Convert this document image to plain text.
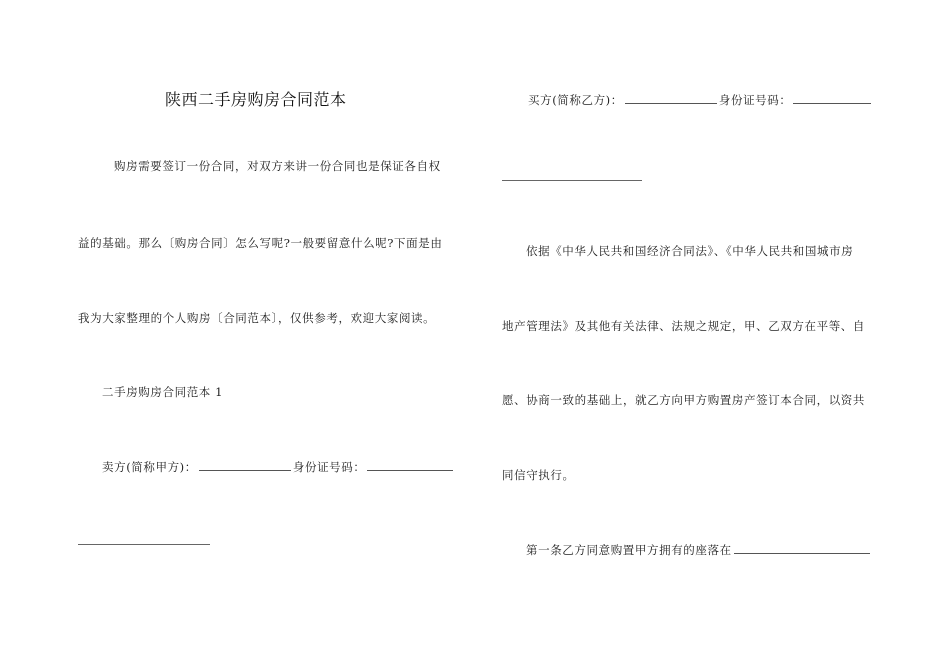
陕西二手房购房合同范本
购房需要签订一份合同，对双方来讲一份合同也是保证各自权
益的基础。那么〔购房合同〕怎么写呢?一般要留意什么呢?下面是由
我为大家整理的个人购房〔合同范本〕，仅供参考，欢迎大家阅读。
二手房购房合同范本 1
卖方(简称甲方)：	身份证号码：
买方(简称乙方)：	身份证号码：
依据《中华人民共和国经济合同法》、《中华人民共和国城市房
地产管理法》及其他有关法律、法规之规定，甲、乙双方在平等、自
愿、协商一致的基础上，就乙方向甲方购置房产签订本合同，以资共
同信守执行。
第一条乙方同意购置甲方拥有的座落在
